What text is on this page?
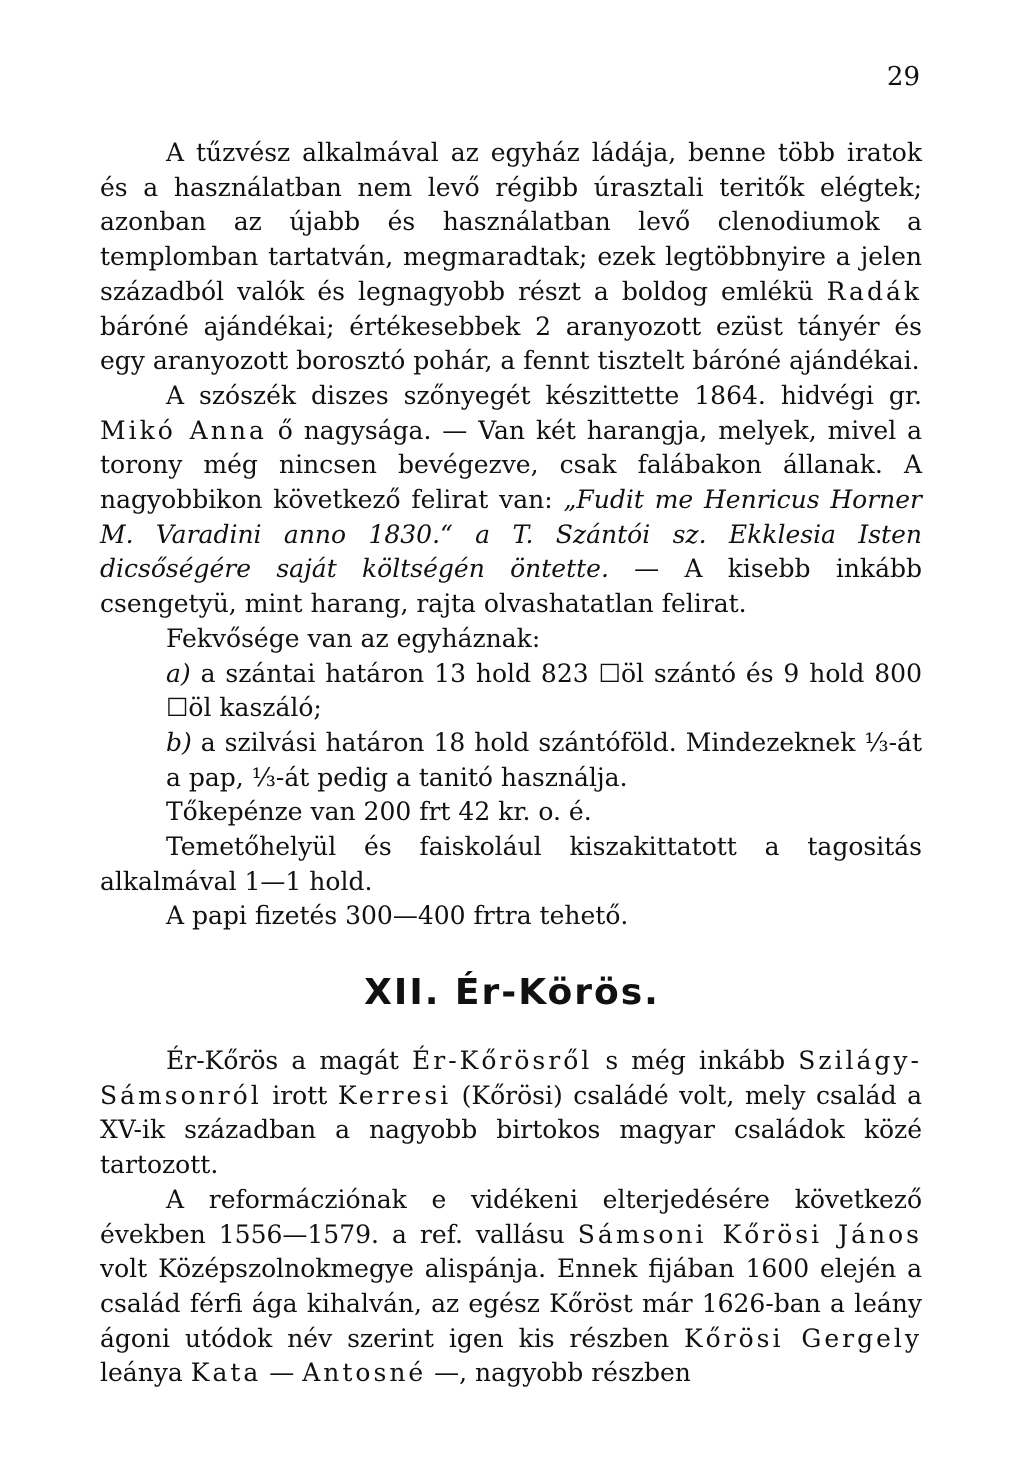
29

A tűzvész alkalmával az egyház ládája, benne több iratok és a használatban nem levő régibb úrasztali teritők elégtek; azonban az újabb és használatban levő clenodiumok a templomban tartatván, megmaradtak; ezek legtöbbnyire a jelen századból valók és legnagyobb részt a boldog emlékü Radák báróné ajándékai; értékesebbek 2 aranyozott ezüst tányér és egy aranyozott borosztó pohár, a fennt tisztelt báróné ajándékai.

A szószék diszes szőnyegét készittette 1864. hidvégi gr. Mikó Anna ő nagysága. — Van két harangja, melyek, mivel a torony még nincsen bevégezve, csak falábakon állanak. A nagyobbikon következő felirat van: „Fudit me Henricus Horner M. Varadini anno 1830.“ a T. Szántói sz. Ekklesia Isten dicsőségére saját költségén öntette. — A kisebb inkább csengetyü, mint harang, rajta olvashatatlan felirat.

Fekvősége van az egyháznak:

a) a szántai határon 13 hold 823 ☐öl szántó és 9 hold 800 ☐öl kaszáló;

b) a szilvási határon 18 hold szántóföld. Mindezeknek ⅓-át a pap, ⅓-át pedig a tanitó használja.

Tőkepénze van 200 frt 42 kr. o. é.

Temetőhelyül és faiskolául kiszakittatott a tagositás alkalmával 1—1 hold.

A papi fizetés 300—400 frtra tehető.

XII. Ér-Körös.

Ér-Kőrös a magát Ér-Kőrösről s még inkább Szilágy-Sámsonról irott Kerresi (Kőrösi) családé volt, mely család a XV-ik században a nagyobb birtokos magyar családok közé tartozott.

A reformácziónak e vidékeni elterjedésére következő években 1556—1579. a ref. vallásu Sámsoni Kőrösi János volt Középszolnokmegye alispánja. Ennek fijában 1600 elején a család férfi ága kihalván, az egész Kőröst már 1626-ban a leány ágoni utódok név szerint igen kis részben Kőrösi Gergely leánya Kata — Antosné —, nagyobb részben
